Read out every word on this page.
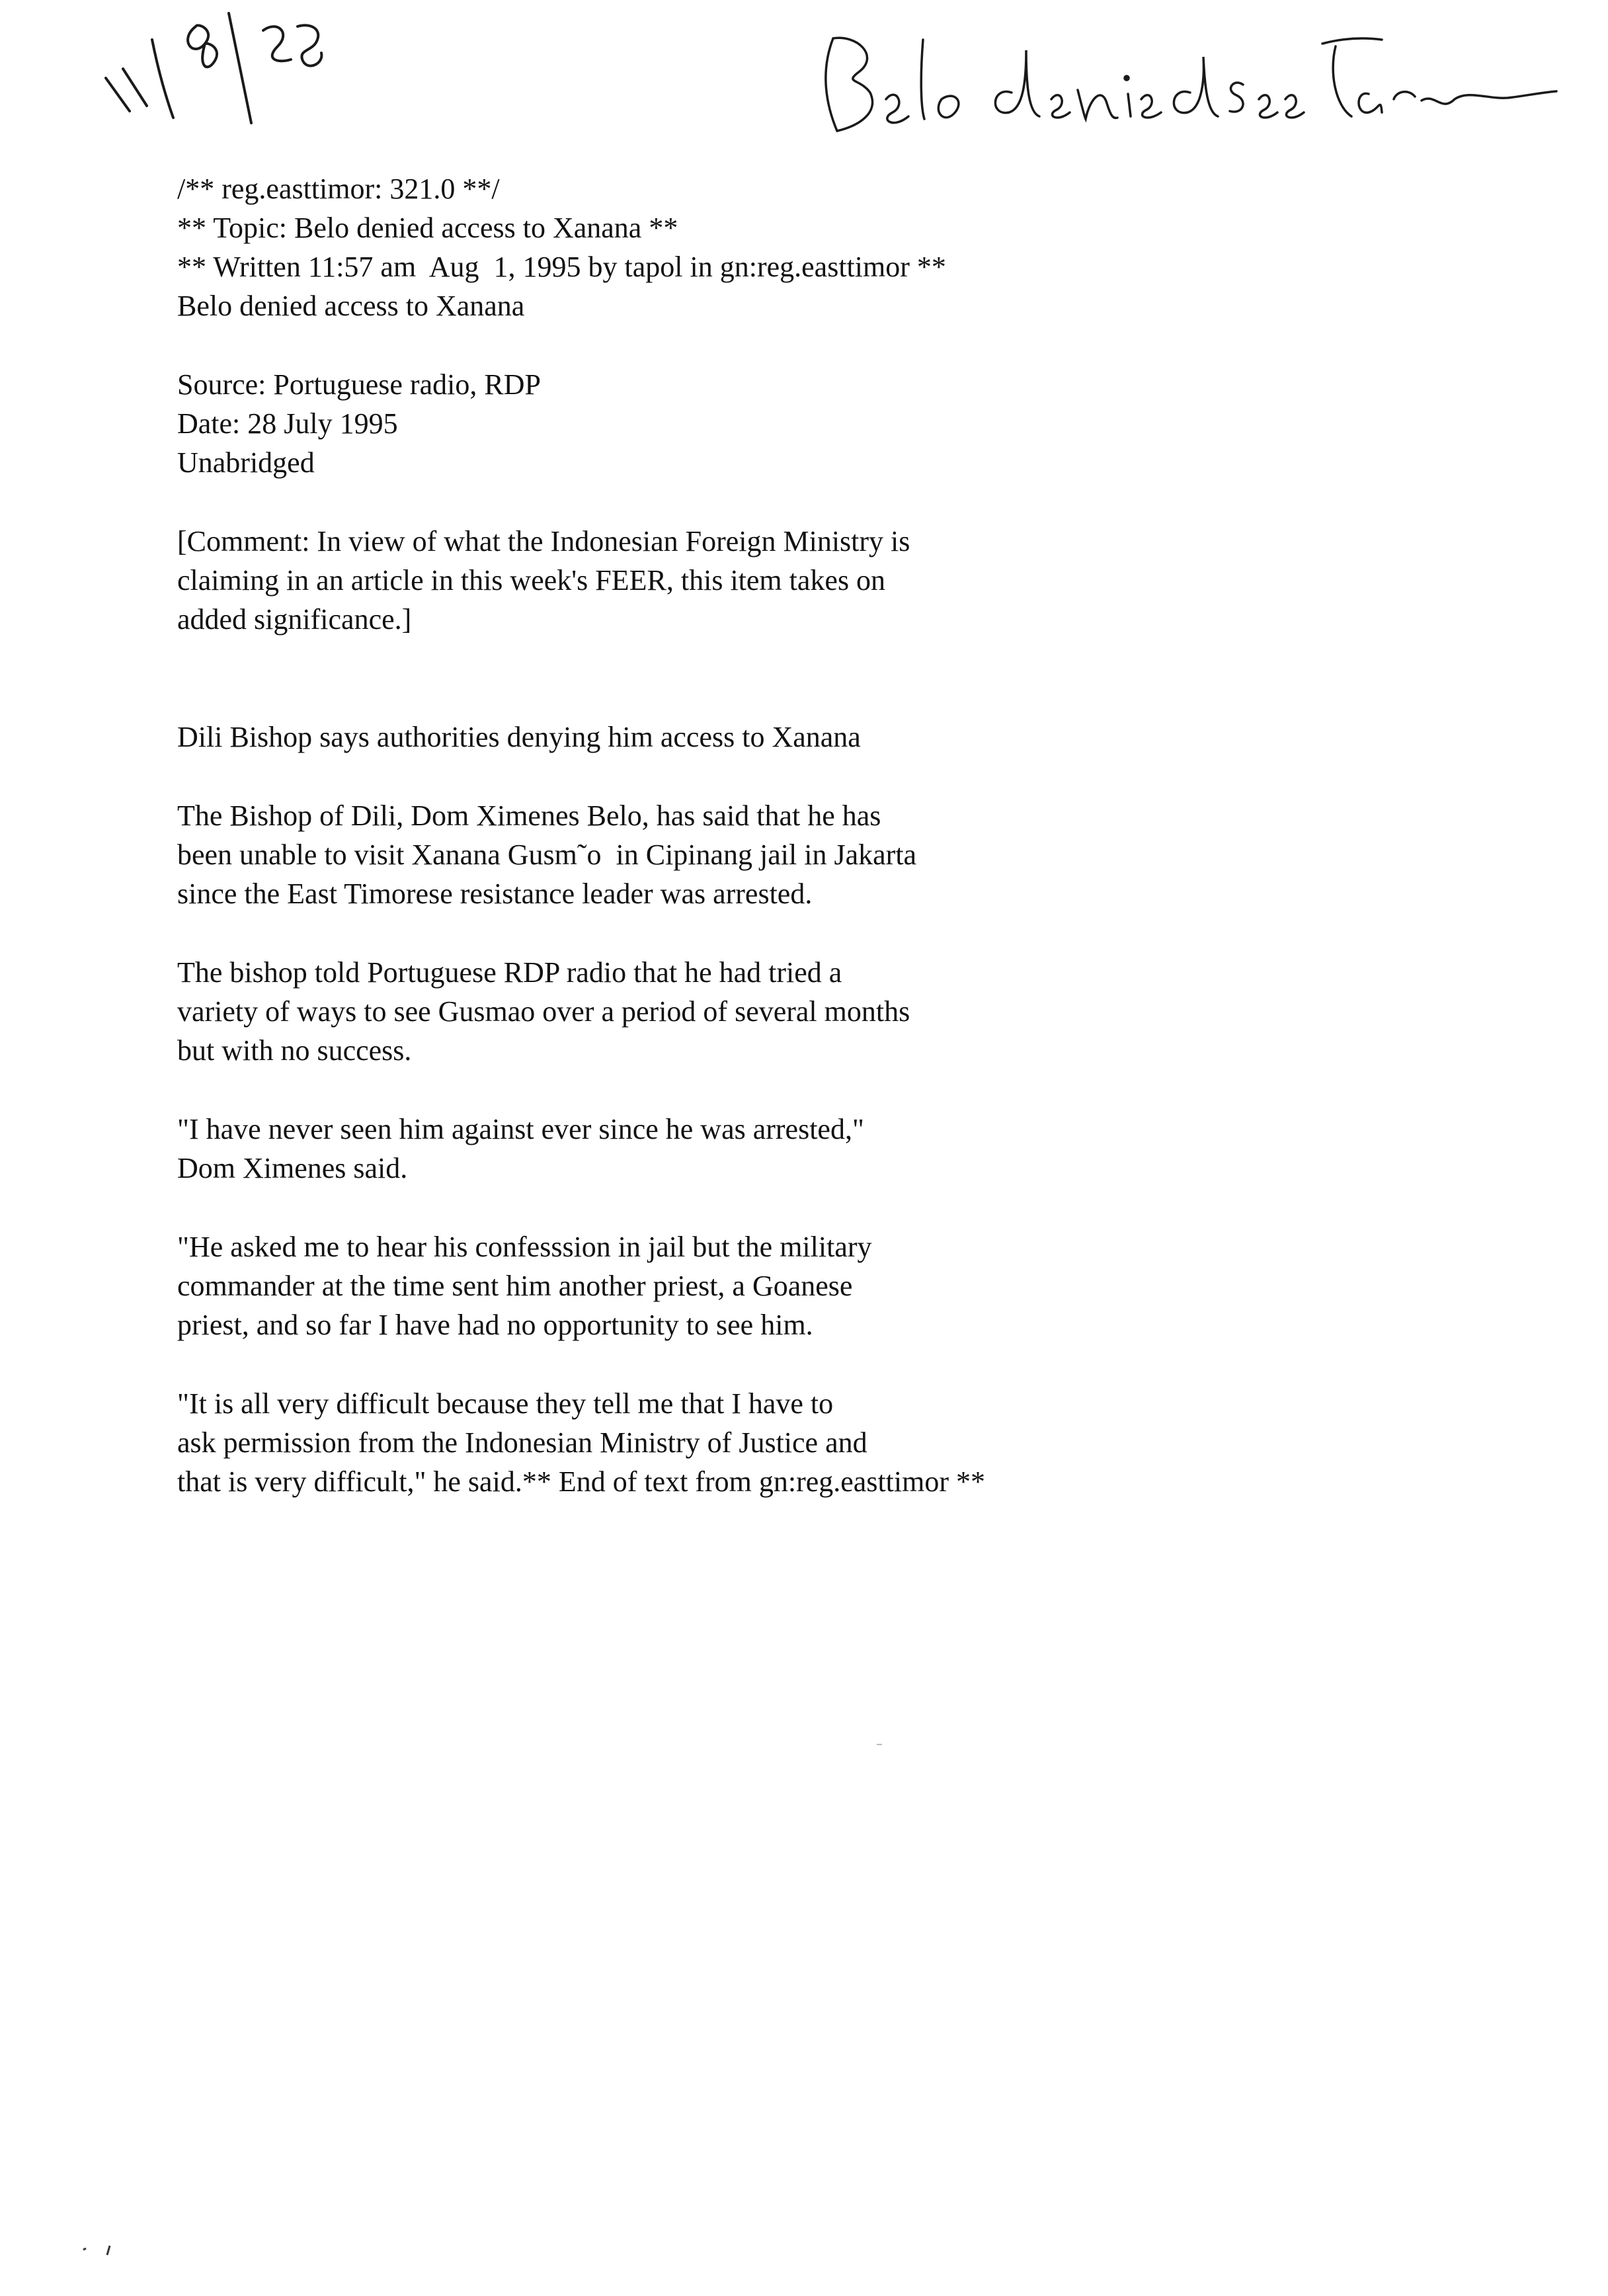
/** reg.easttimor: 321.0 **/
** Topic: Belo denied access to Xanana **
** Written 11:57 am  Aug  1, 1995 by tapol in gn:reg.easttimor **
Belo denied access to Xanana
Source: Portuguese radio, RDP
Date: 28 July 1995
Unabridged
[Comment: In view of what the Indonesian Foreign Ministry is
claiming in an article in this week's FEER, this item takes on
added significance.]
Dili Bishop says authorities denying him access to Xanana
The Bishop of Dili, Dom Ximenes Belo, has said that he has
been unable to visit Xanana Gusm˜o  in Cipinang jail in Jakarta
since the East Timorese resistance leader was arrested.
The bishop told Portuguese RDP radio that he had tried a
variety of ways to see Gusmao over a period of several months
but with no success.
"I have never seen him against ever since he was arrested,"
Dom Ximenes said.
"He asked me to hear his confesssion in jail but the military
commander at the time sent him another priest, a Goanese
priest, and so far I have had no opportunity to see him.
"It is all very difficult because they tell me that I have to
ask permission from the Indonesian Ministry of Justice and
that is very difficult," he said.** End of text from gn:reg.easttimor **
